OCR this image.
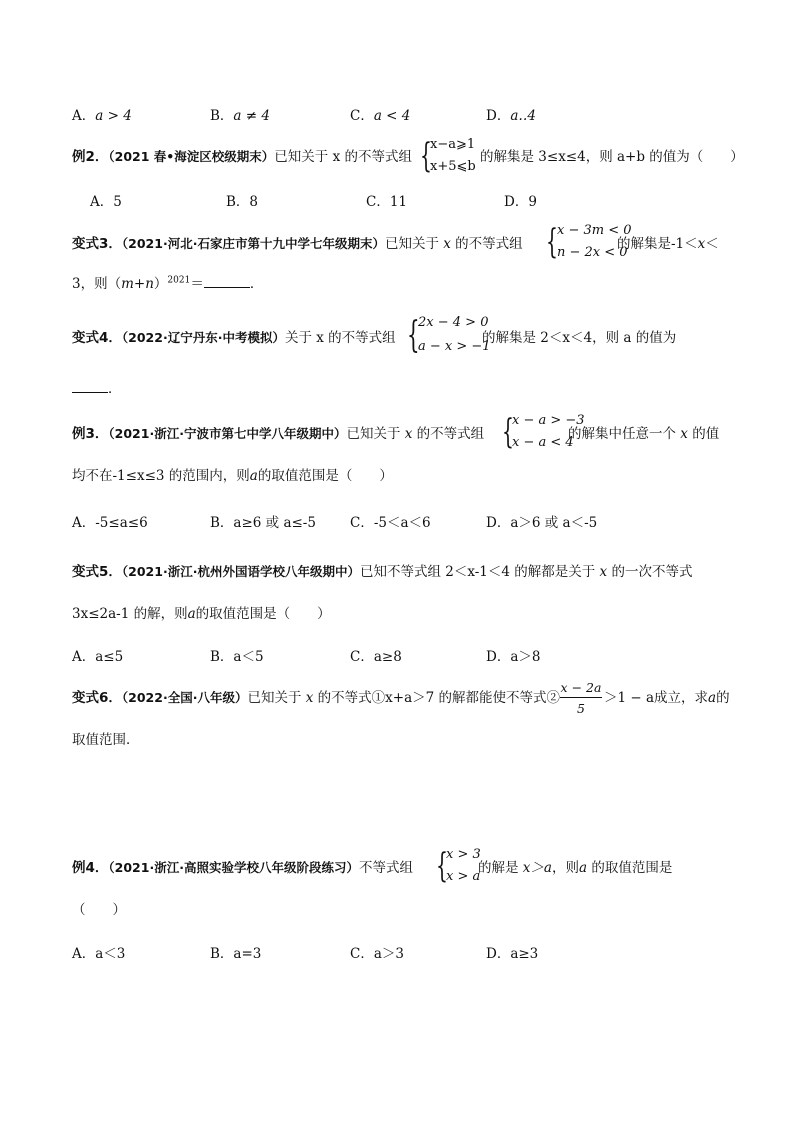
A．a > 4	B．a ≠ 4	C．a < 4	D．a‥4
例2．（2021 春•海淀区校级期末）已知关于 x 的不等式组 {
x−a⩾1
x+5⩽b
的解集是 3≤x≤4，则 a+b 的值为（　　）
A．5	B．8	C．11	D．9
变式3．（2021·河北·石家庄市第十九中学七年级期末）已知关于 x 的不等式组 { x − 3m < 0
n − 2x < 0
的解集是-1＜x＜
3，则$(m+n)^{2021}=$	．
变式4．（2022·辽宁丹东·中考模拟）关于 x 的不等式组 {
2x − 4 > 0
a − x > −1
的解集是 2＜x＜4，则 a 的值为
．
例3．（2021·浙江·宁波市第七中学八年级期中）已知关于 x 的不等式组 {
x − a > −3
x − a < 4
的解集中任意一个 x 的值
均不在-1≤x≤3 的范围内，则a的取值范围是（　　）
A．-5≤a≤6	B．a≥6 或 a≤-5	C．-5＜a＜6	D．a＞6 或 a＜-5
变式5．（2021·浙江·杭州外国语学校八年级期中）已知不等式组 2＜x-1＜4 的解都是关于 x 的一次不等式
3x≤2a-1 的解，则a的取值范围是（　　）
A．a≤5	B．a＜5	C．a≥8	D．a＞8
变式6．（2022·全国·八年级）已知关于 x 的不等式①x+a＞7 的解都能使不等式②
x − 2a
5
＞1 − a成立，求a的
取值范围．
例4．（2021·浙江·高照实验学校八年级阶段练习）不等式组 {
x > 3
x > a
的解是 x＞a，则a 的取值范围是
（　　）
A．a＜3	B．a=3	C．a＞3	D．a≥3
